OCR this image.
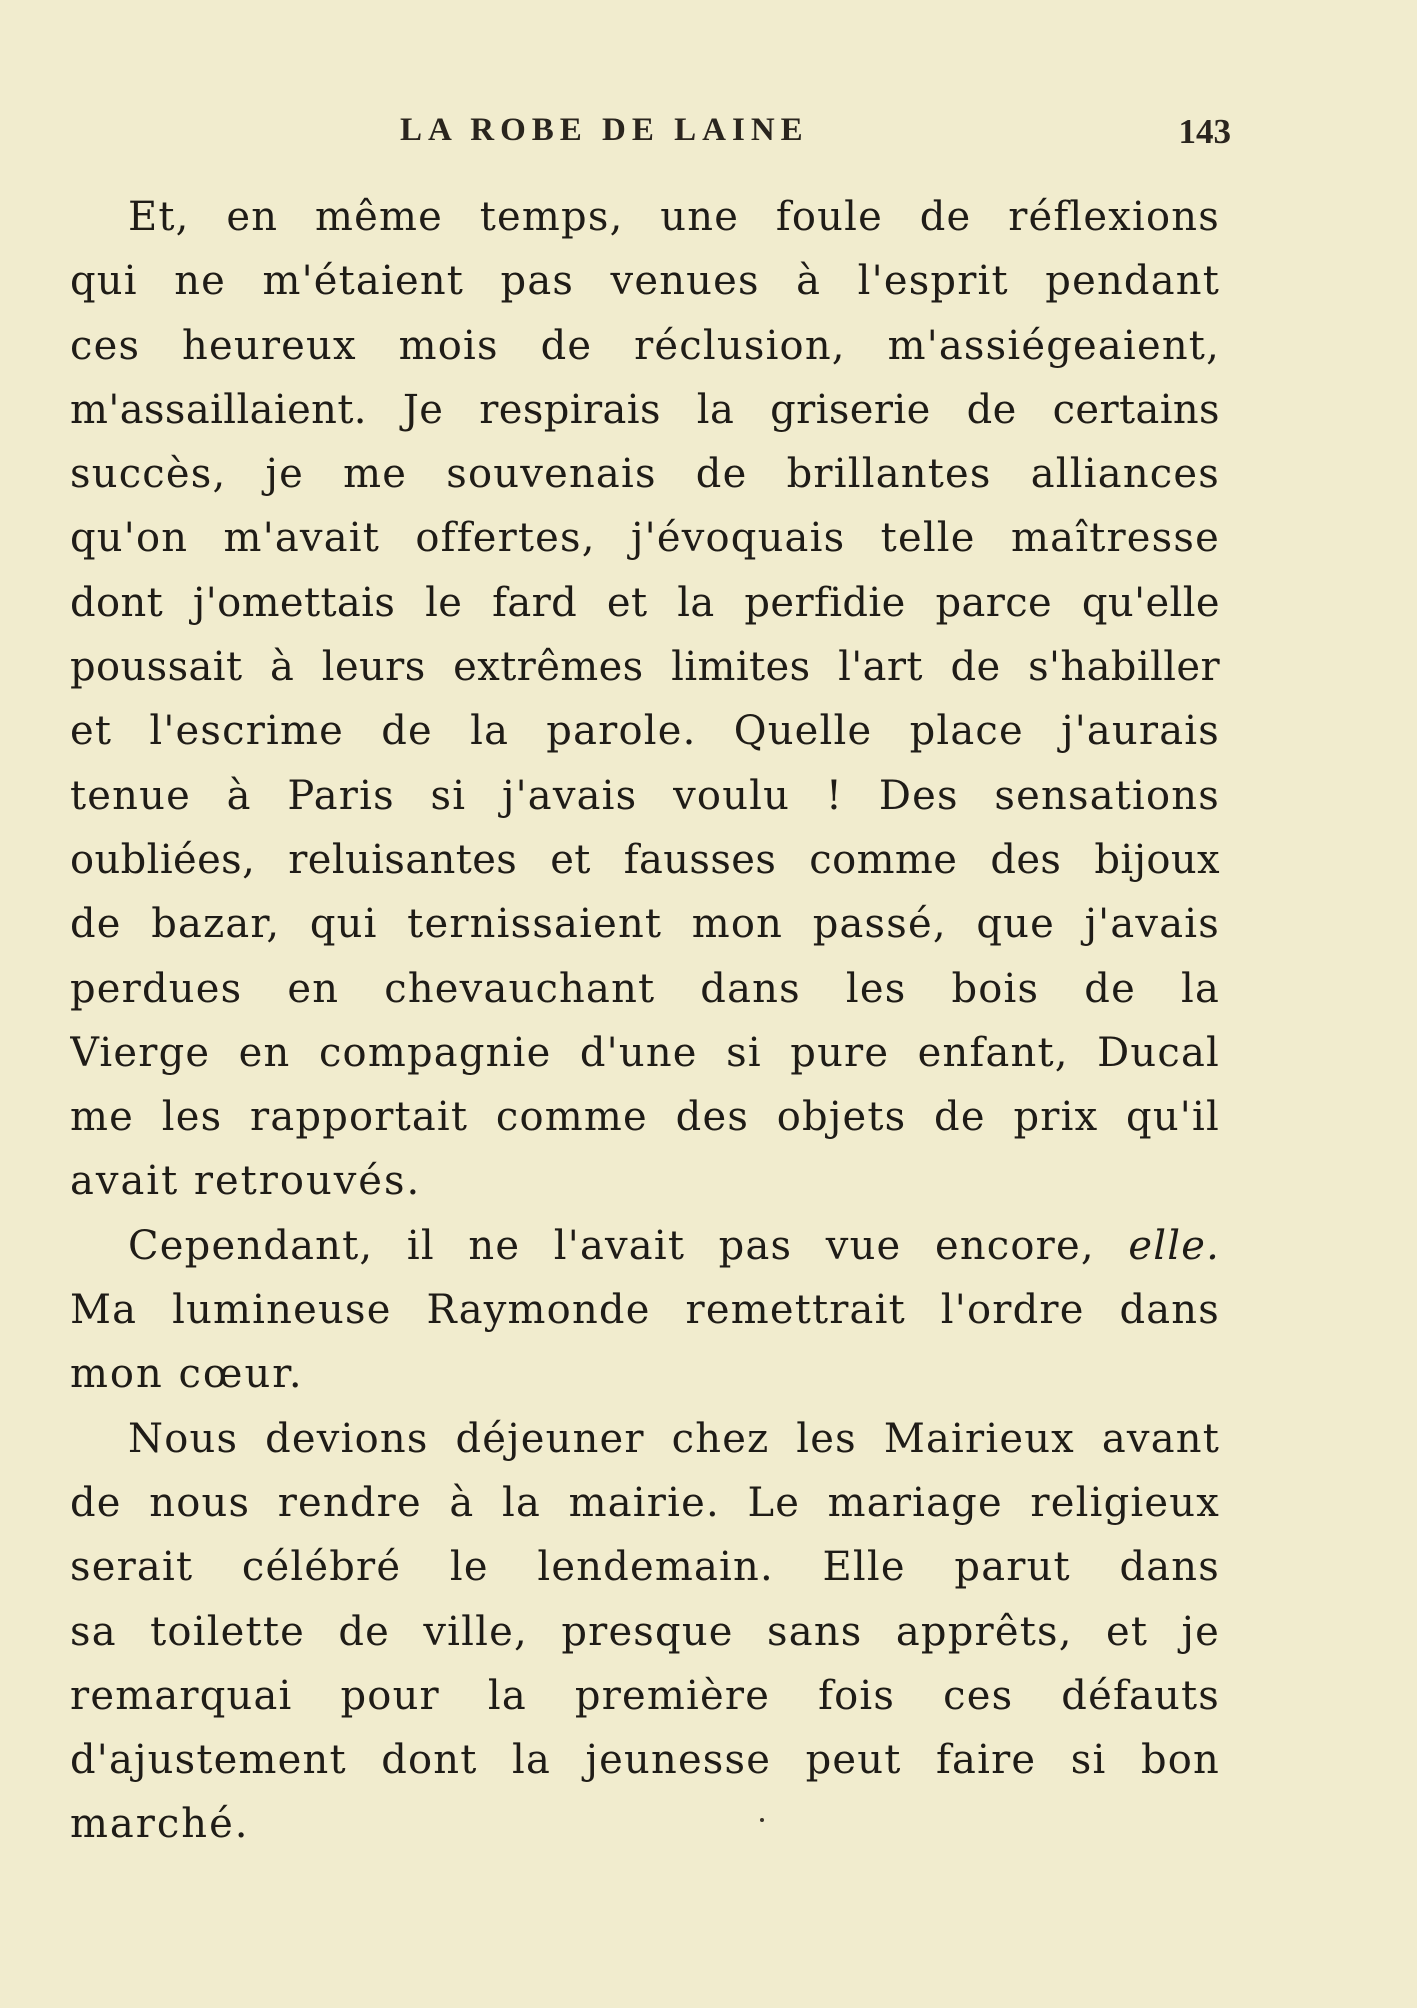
LA ROBE DE LAINE	143
Et, en même temps, une foule de réflexions
qui ne m'étaient pas venues à l'esprit pendant
ces heureux mois de réclusion, m'assiégeaient,
m'assaillaient. Je respirais la griserie de certains
succès, je me souvenais de brillantes alliances
qu'on m'avait offertes, j'évoquais telle maîtresse
dont j'omettais le fard et la perfidie parce qu'elle
poussait à leurs extrêmes limites l'art de s'habiller
et l'escrime de la parole. Quelle place j'aurais
tenue à Paris si j'avais voulu ! Des sensations
oubliées, reluisantes et fausses comme des bijoux
de bazar, qui ternissaient mon passé, que j'avais
perdues en chevauchant dans les bois de la
Vierge en compagnie d'une si pure enfant, Ducal
me les rapportait comme des objets de prix qu'il
avait retrouvés.
Cependant, il ne l'avait pas vue encore, elle.
Ma lumineuse Raymonde remettrait l'ordre dans
mon cœur.
Nous devions déjeuner chez les Mairieux avant
de nous rendre à la mairie. Le mariage religieux
serait célébré le lendemain. Elle parut dans
sa toilette de ville, presque sans apprêts, et je
remarquai pour la première fois ces défauts
d'ajustement dont la jeunesse peut faire si bon
marché.
